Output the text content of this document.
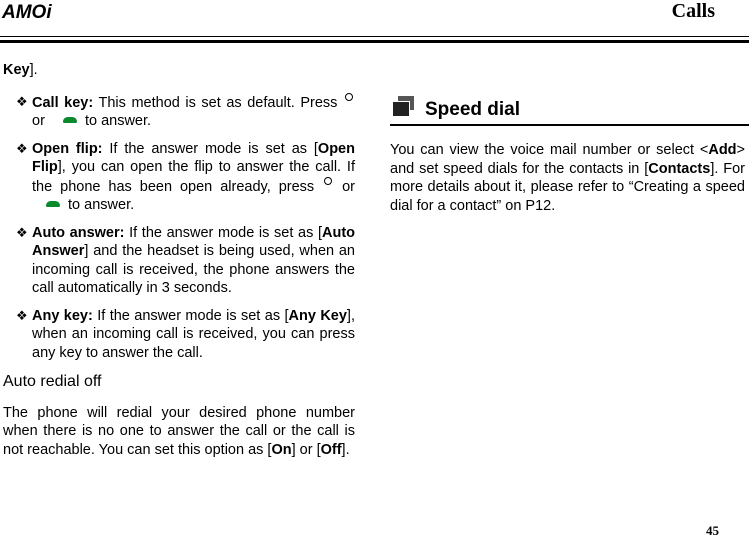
AMOi	Calls

Key].

❖ Call key: This method is set as default. Press  or  to answer.
❖ Open flip: If the answer mode is set as [Open Flip], you can open the flip to answer the call. If the phone has been open already, press  or  to answer.
❖ Auto answer: If the answer mode is set as [Auto Answer] and the headset is being used, when an incoming call is received, the phone answers the call automatically in 3 seconds.
❖ Any key: If the answer mode is set as [Any Key], when an incoming call is received, you can press any key to answer the call.
Auto redial off

The phone will redial your desired phone number when there is no one to answer the call or the call is not reachable. You can set this option as [On] or [Off].

Speed dial

You can view the voice mail number or select <Add> and set speed dials for the contacts in [Contacts]. For more details about it, please refer to “Creating a speed dial for a contact” on P12.

45
